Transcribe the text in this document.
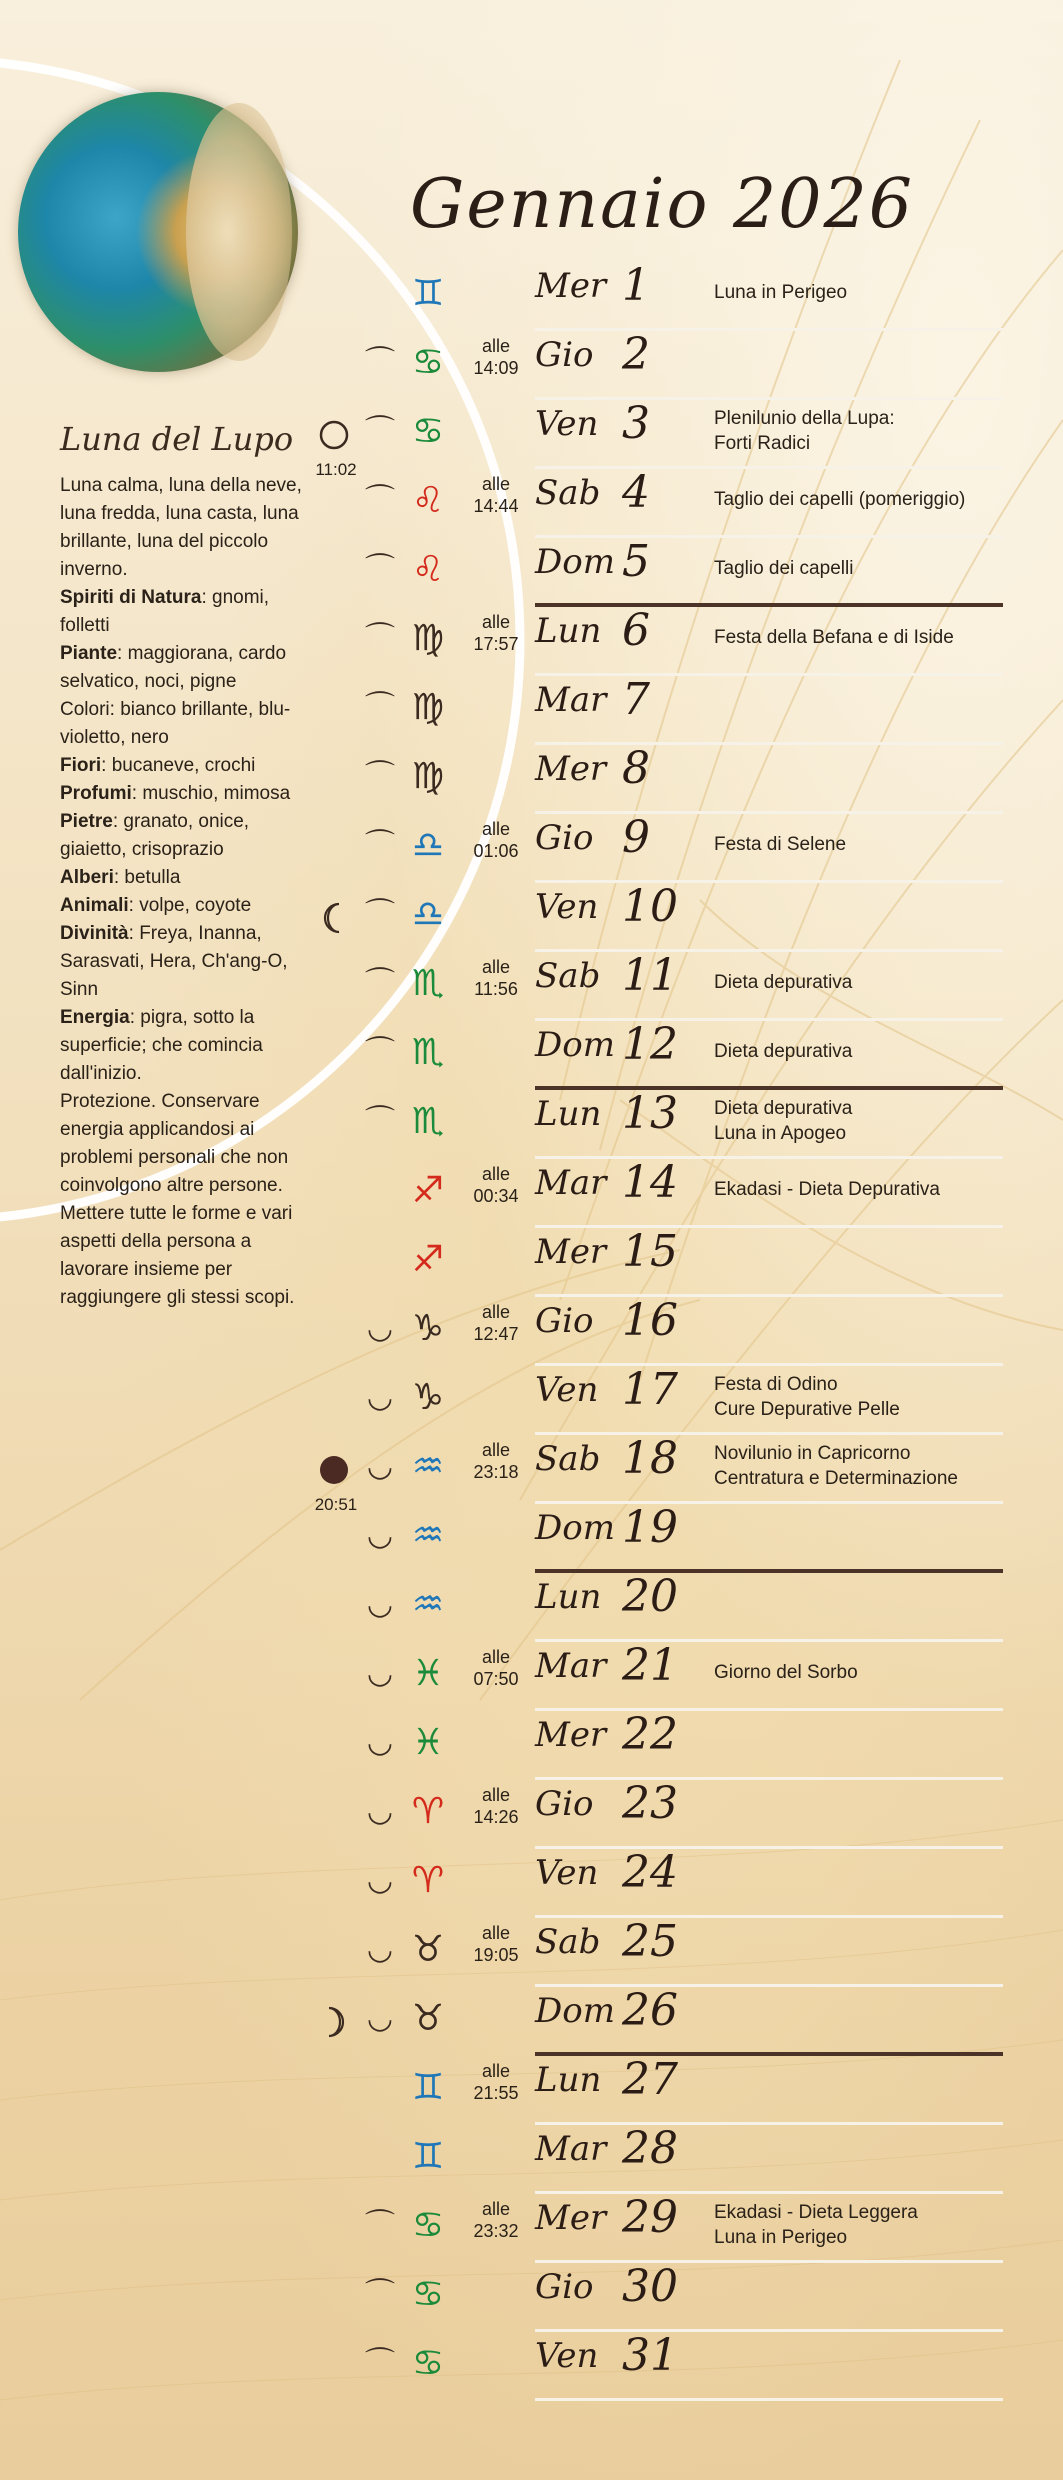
Gennaio 2026
Luna del Lupo

Luna calma, luna della neve, luna fredda, luna casta, luna brillante, luna del piccolo inverno.

Spiriti di Natura: gnomi, folletti

Piante: maggiorana, cardo selvatico, noci, pigne

Colori: bianco brillante, blu-violetto, nero

Fiori: bucaneve, crochi

Profumi: muschio, mimosa

Pietre: granato, onice, giaietto, crisoprazio

Alberi: betulla

Animali: volpe, coyote

Divinità: Freya, Inanna, Sarasvati, Hera, Ch'ang-O, Sinn

Energia: pigra, sotto la superficie; che comincia dall'inizio.

Protezione. Conservare energia applicandosi ai problemi personali che non coinvolgono altre persone. Mettere tutte le forme e vari aspetti della persona a lavorare insieme per raggiungere gli stessi scopi.

♊	Mer 1	Luna in Perigeo
⌒ ♋	alle 14:09 Gio 2
11:02
⌒ ♋	Ven 3	Plenilunio della Lupa:
Forti Radici
⌒ ♌	alle 14:44 Sab 4	Taglio dei capelli (pomeriggio)
⌒ ♌	Dom 5	Taglio dei capelli
⌒ ♍	alle 17:57 Lun 6	Festa della Befana e di Iside
⌒ ♍	Mar 7
⌒ ♍	Mer 8
⌒ ♎	alle 01:06 Gio 9	Festa di Selene
⌒ ♎	Ven 10
⌒ ♏	alle 11:56 Sab 11	Dieta depurativa
⌒ ♏	Dom 12	Dieta depurativa
⌒ ♏	Lun 13	Dieta depurativa
Luna in Apogeo
♐	alle 00:34 Mar 14	Ekadasi - Dieta Depurativa
♐	Mer 15
◡ ♑	alle 12:47 Gio 16
◡ ♑	Ven 17	Festa di Odino
Cure Depurative Pelle
20:51
◡ ♒	alle 23:18 Sab 18	Novilunio in Capricorno
Centratura e Determinazione
◡ ♒	Dom 19
◡ ♒	Lun 20
◡ ♓	alle 07:50 Mar 21	Giorno del Sorbo
◡ ♓	Mer 22
◡ ♈	alle 14:26 Gio 23
◡ ♈	Ven 24
◡ ♉	alle 19:05 Sab 25
◡ ♉	Dom 26
♊	alle 21:55 Lun 27
♊	Mar 28
⌒ ♋	alle 23:32 Mer 29	Ekadasi - Dieta Leggera
Luna in Perigeo
⌒ ♋	Gio 30
⌒ ♋	Ven 31
